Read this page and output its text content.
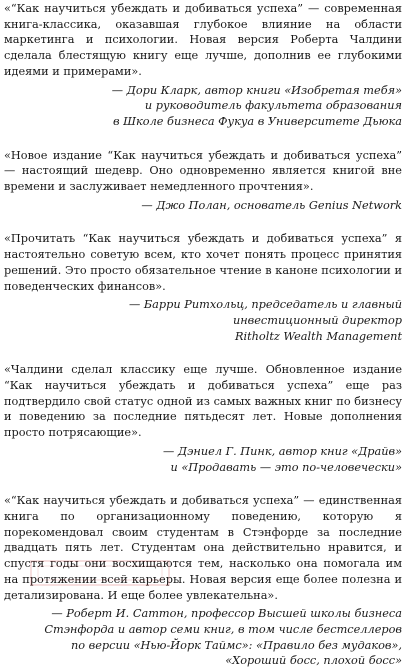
«“Как научиться убеждать и добиваться успеха” — современная книга-классика, оказавшая глубокое влияние на области маркетинга и психологии. Новая версия Роберта Чалдини сделала блестящую книгу еще лучше, дополнив ее глубокими идеями и примерами».

— Дори Кларк, автор книги «Изобретая тебя»
и руководитель факультета образования
в Школе бизнеса Фукуа в Университете Дьюка

«Новое издание “Как научиться убеждать и добиваться успеха” — настоящий шедевр. Оно одновременно является книгой вне времени и заслуживает немедленного прочтения».

— Джо Полан, основатель Genius Network

«Прочитать “Как научиться убеждать и добиваться успеха” я настоятельно советую всем, кто хочет понять процесс принятия решений. Это просто обязательное чтение в каноне психологии и поведенческих финансов».

— Барри Ритхольц, председатель и главный
инвестиционный директор
Ritholtz Wealth Management

«Чалдини сделал классику еще лучше. Обновленное издание “Как научиться убеждать и добиваться успеха” еще раз подтвердило свой статус одной из самых важных книг по бизнесу и поведению за последние пятьдесят лет. Новые дополнения просто потрясающие».

— Дэниел Г. Пинк, автор книг «Драйв»
и «Продавать — это по-человечески»

«“Как научиться убеждать и добиваться успеха” — единственная книга по организационному поведению, которую я порекомендовал своим студентам в Стэнфорде за последние двадцать пять лет. Студентам она действительно нравится, и спустя годы они восхищаются тем, насколько она помогала им на протяжении всей карьеры. Новая версия еще более полезна и детализирована. И еще более увлекательна».

— Роберт И. Саттон, профессор Высшей школы бизнеса
Стэнфорда и автор семи книг, в том числе бестселлеров
по версии «Нью-Йорк Таймс»: «Правило без мудаков»,
«Хороший босс, плохой босс»
